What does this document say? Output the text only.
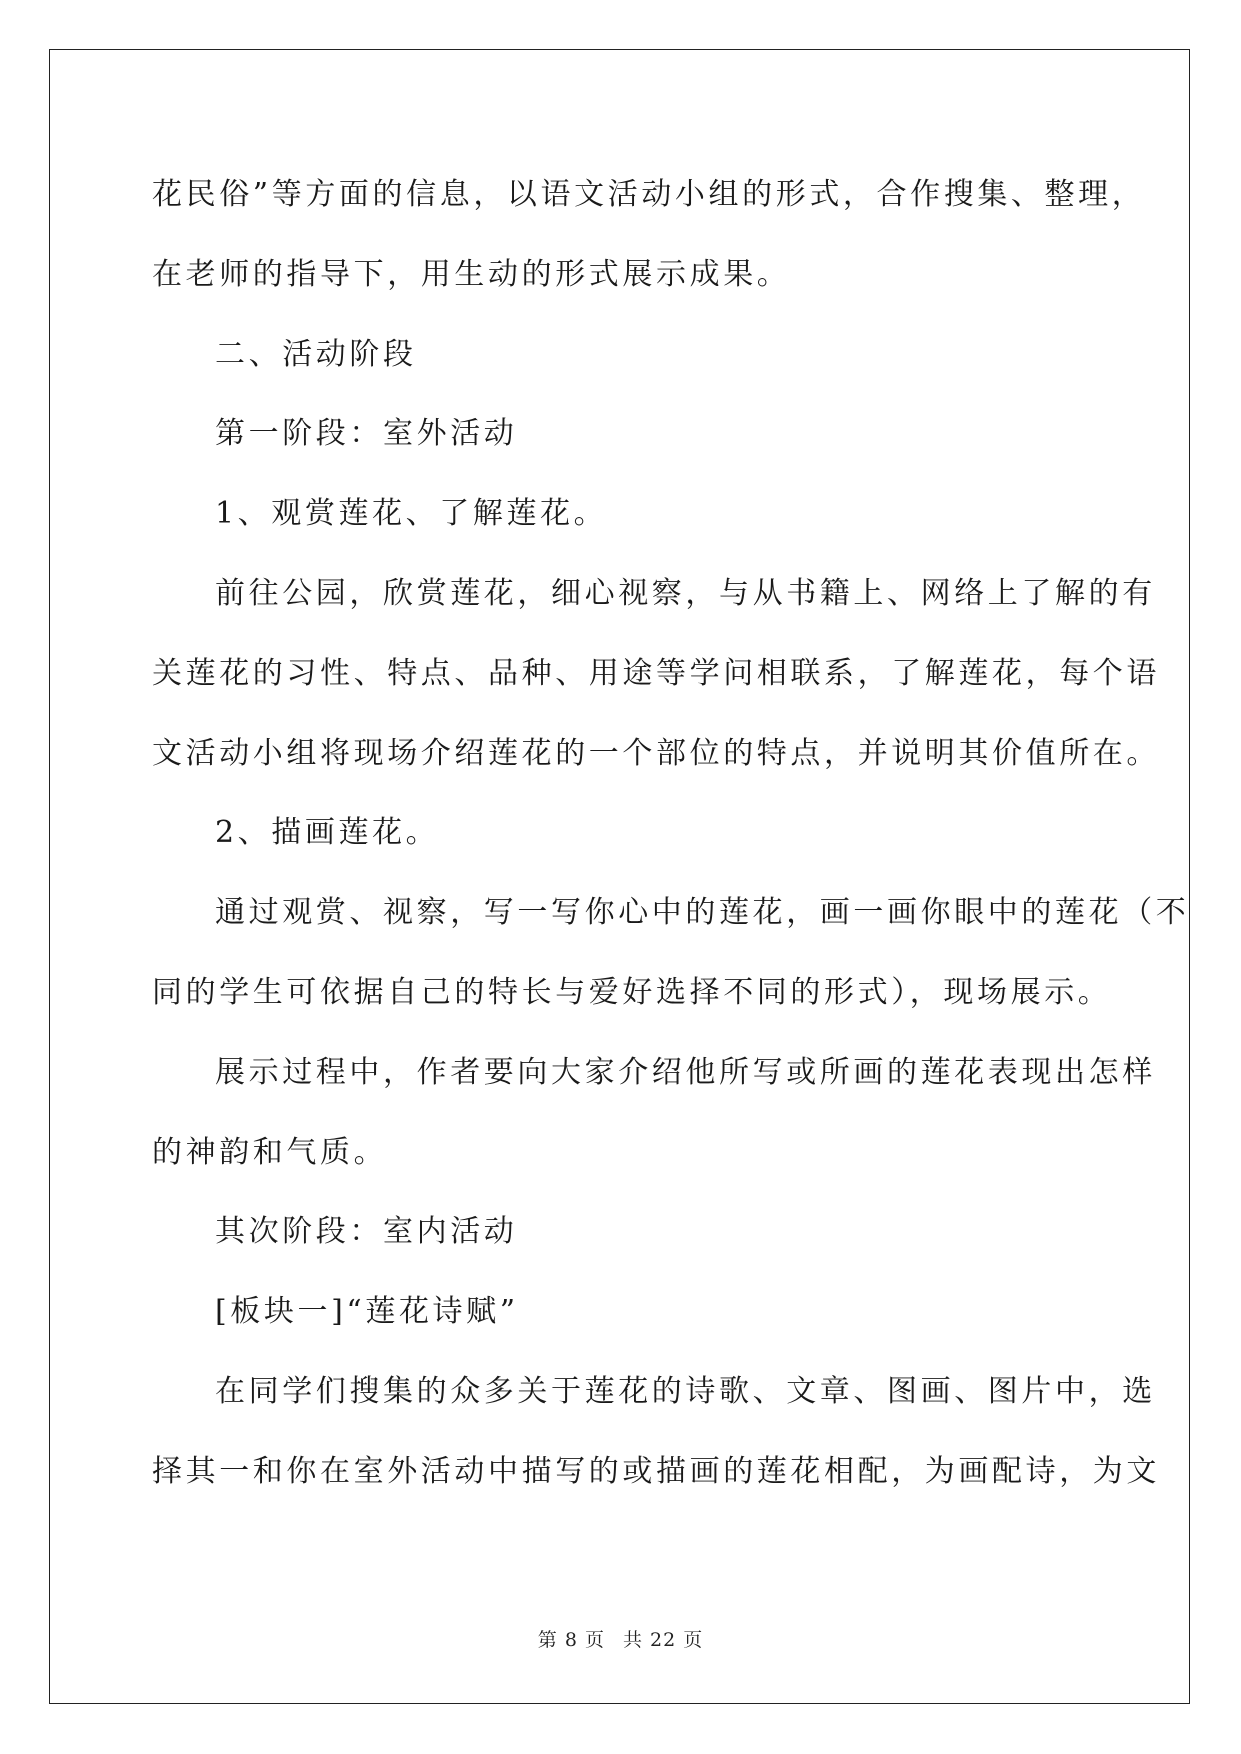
花民俗”等方面的信息，以语文活动小组的形式，合作搜集、整理，
在老师的指导下，用生动的形式展示成果。
二、活动阶段
第一阶段：室外活动
1、观赏莲花、了解莲花。
前往公园，欣赏莲花，细心视察，与从书籍上、网络上了解的有
关莲花的习性、特点、品种、用途等学问相联系，了解莲花，每个语
文活动小组将现场介绍莲花的一个部位的特点，并说明其价值所在。
2、描画莲花。
通过观赏、视察，写一写你心中的莲花，画一画你眼中的莲花（不
同的学生可依据自己的特长与爱好选择不同的形式），现场展示。
展示过程中，作者要向大家介绍他所写或所画的莲花表现出怎样
的神韵和气质。
其次阶段：室内活动
[板块一]“莲花诗赋”
在同学们搜集的众多关于莲花的诗歌、文章、图画、图片中，选
择其一和你在室外活动中描写的或描画的莲花相配，为画配诗，为文
第 8 页 共 22 页
